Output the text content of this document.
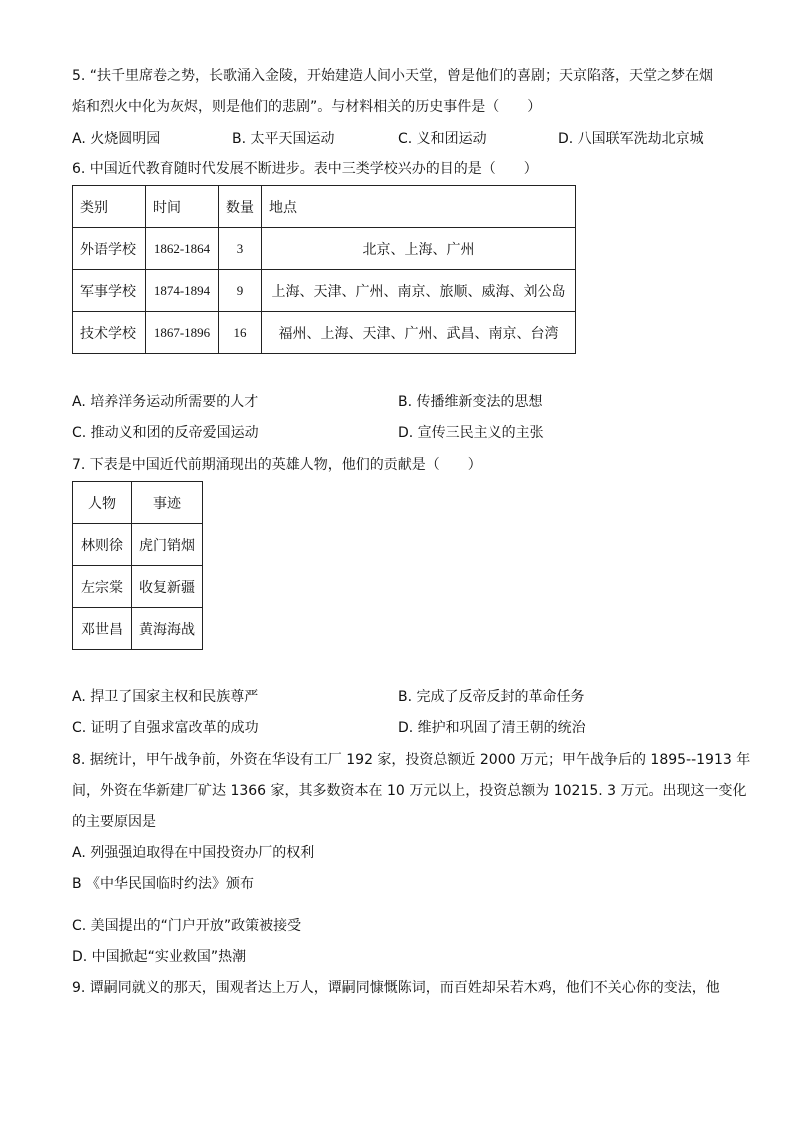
5. “扶千里席卷之势，长歌涌入金陵，开始建造人间小天堂，曾是他们的喜剧；天京陷落，天堂之梦在烟
焰和烈火中化为灰烬，则是他们的悲剧”。与材料相关的历史事件是（　　）
A. 火烧圆明园	B. 太平天国运动	C. 义和团运动	D. 八国联军洗劫北京城
6. 中国近代教育随时代发展不断进步。表中三类学校兴办的目的是（　　）
类别	时间	数量	地点
外语学校	1862-1864	3	北京、上海、广州
军事学校	1874-1894	9	上海、天津、广州、南京、旅顺、威海、刘公岛
技术学校	1867-1896	16	福州、上海、天津、广州、武昌、南京、台湾
A. 培养洋务运动所需要的人才	B. 传播维新变法的思想
C. 推动义和团的反帝爱国运动	D. 宣传三民主义的主张
7. 下表是中国近代前期涌现出的英雄人物，他们的贡献是（　　）
人物	事迹
林则徐	虎门销烟
左宗棠	收复新疆
邓世昌	黄海海战
A. 捍卫了国家主权和民族尊严	B. 完成了反帝反封的革命任务
C. 证明了自强求富改革的成功	D. 维护和巩固了清王朝的统治
8. 据统计，甲午战争前，外资在华设有工厂 192 家，投资总额近 2000 万元；甲午战争后的 1895--1913 年
间，外资在华新建厂矿达 1366 家，其多数资本在 10 万元以上，投资总额为 10215. 3 万元。出现这一变化
的主要原因是
A. 列强强迫取得在中国投资办厂的权利
B 《中华民国临时约法》颁布
C. 美国提出的“门户开放”政策被接受
D. 中国掀起“实业救国”热潮
9. 谭嗣同就义的那天，围观者达上万人，谭嗣同慷慨陈词，而百姓却呆若木鸡，他们不关心你的变法，他
